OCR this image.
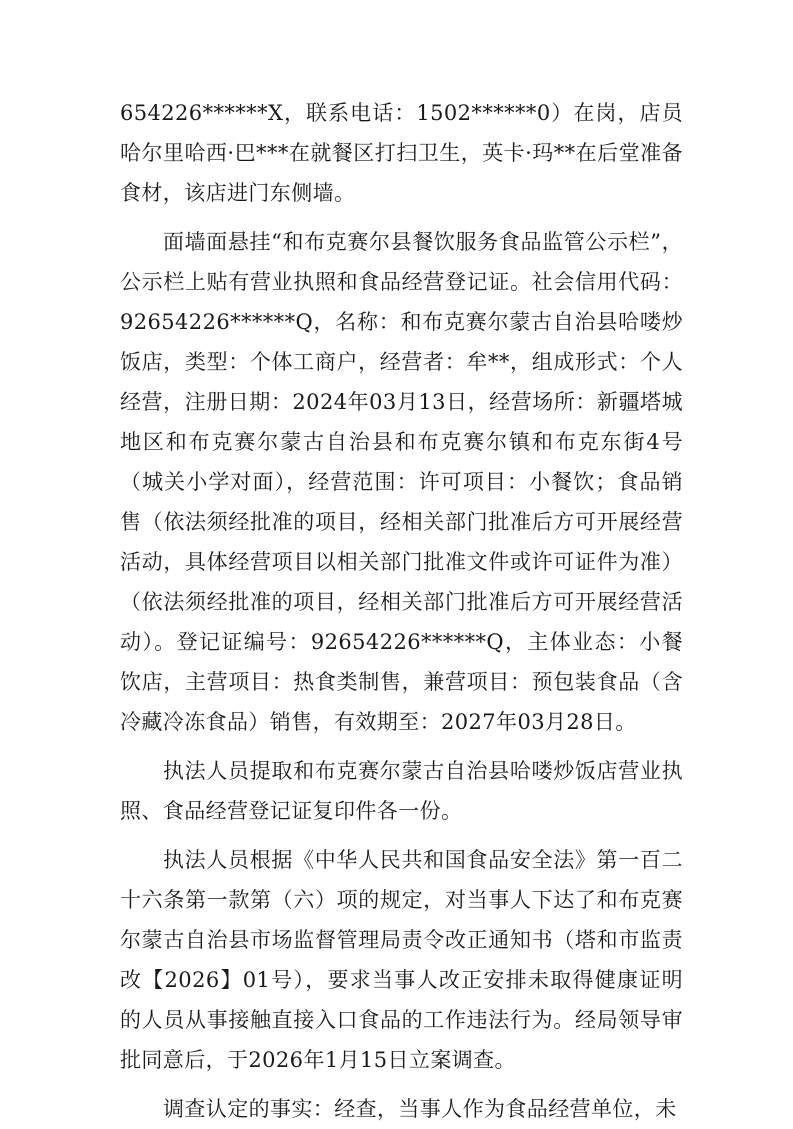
654226******X，联系电话：1502******0）在岗，店员哈尔里哈西·巴***在就餐区打扫卫生，英卡·玛**在后堂准备食材，该店进门东侧墙。

面墙面悬挂“和布克赛尔县餐饮服务食品监管公示栏”，公示栏上贴有营业执照和食品经营登记证。社会信用代码：92654226******Q，名称：和布克赛尔蒙古自治县哈喽炒饭店，类型：个体工商户，经营者：牟**，组成形式：个人经营，注册日期：2024年03月13日，经营场所：新疆塔城地区和布克赛尔蒙古自治县和布克赛尔镇和布克东街4号（城关小学对面），经营范围：许可项目：小餐饮；食品销售（依法须经批准的项目，经相关部门批准后方可开展经营活动，具体经营项目以相关部门批准文件或许可证件为准）（依法须经批准的项目，经相关部门批准后方可开展经营活动）。登记证编号：92654226******Q，主体业态：小餐饮店，主营项目：热食类制售，兼营项目：预包装食品（含冷藏冷冻食品）销售，有效期至：2027年03月28日。

执法人员提取和布克赛尔蒙古自治县哈喽炒饭店营业执照、食品经营登记证复印件各一份。

执法人员根据《中华人民共和国食品安全法》第一百二十六条第一款第（六）项的规定，对当事人下达了和布克赛尔蒙古自治县市场监督管理局责令改正通知书（塔和市监责改【2026】01号），要求当事人改正安排未取得健康证明的人员从事接触直接入口食品的工作违法行为。经局领导审批同意后，于2026年1月15日立案调查。

调查认定的事实：经查，当事人作为食品经营单位，未
